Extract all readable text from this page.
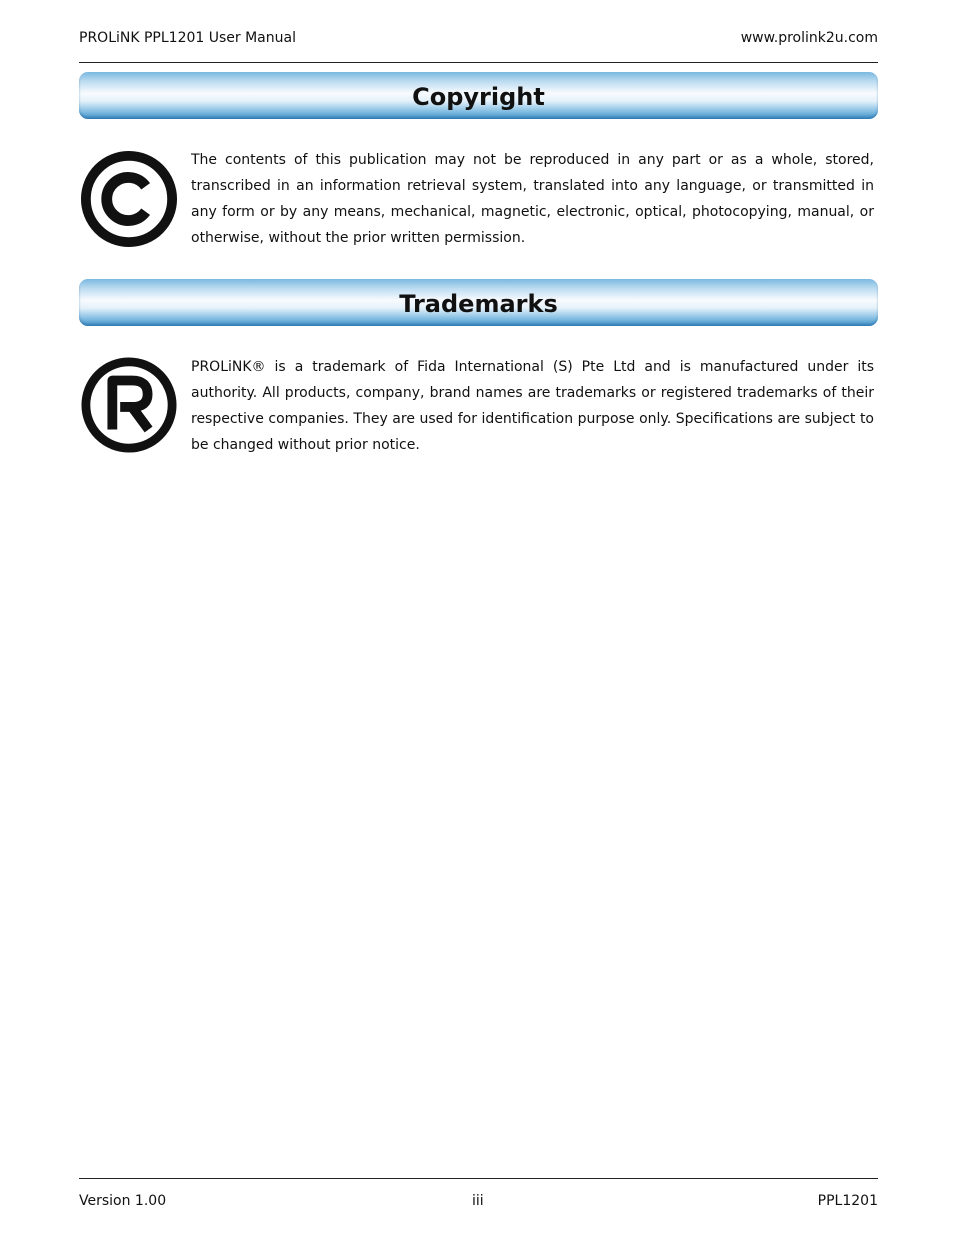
PROLiNK PPL1201 User Manual	www.prolink2u.com
Copyright

The contents of this publication may not be reproduced in any part or as a whole, stored, transcribed in an information retrieval system, translated into any language, or transmitted in any form or by any means, mechanical, magnetic, electronic, optical, photocopying, manual, or otherwise, without the prior written permission.

Trademarks

PROLiNK® is a trademark of Fida International (S) Pte Ltd and is manufactured under its authority. All products, company, brand names are trademarks or registered trademarks of their respective companies. They are used for identification purpose only. Specifications are subject to be changed without prior notice.

Version 1.00	iii	PPL1201
